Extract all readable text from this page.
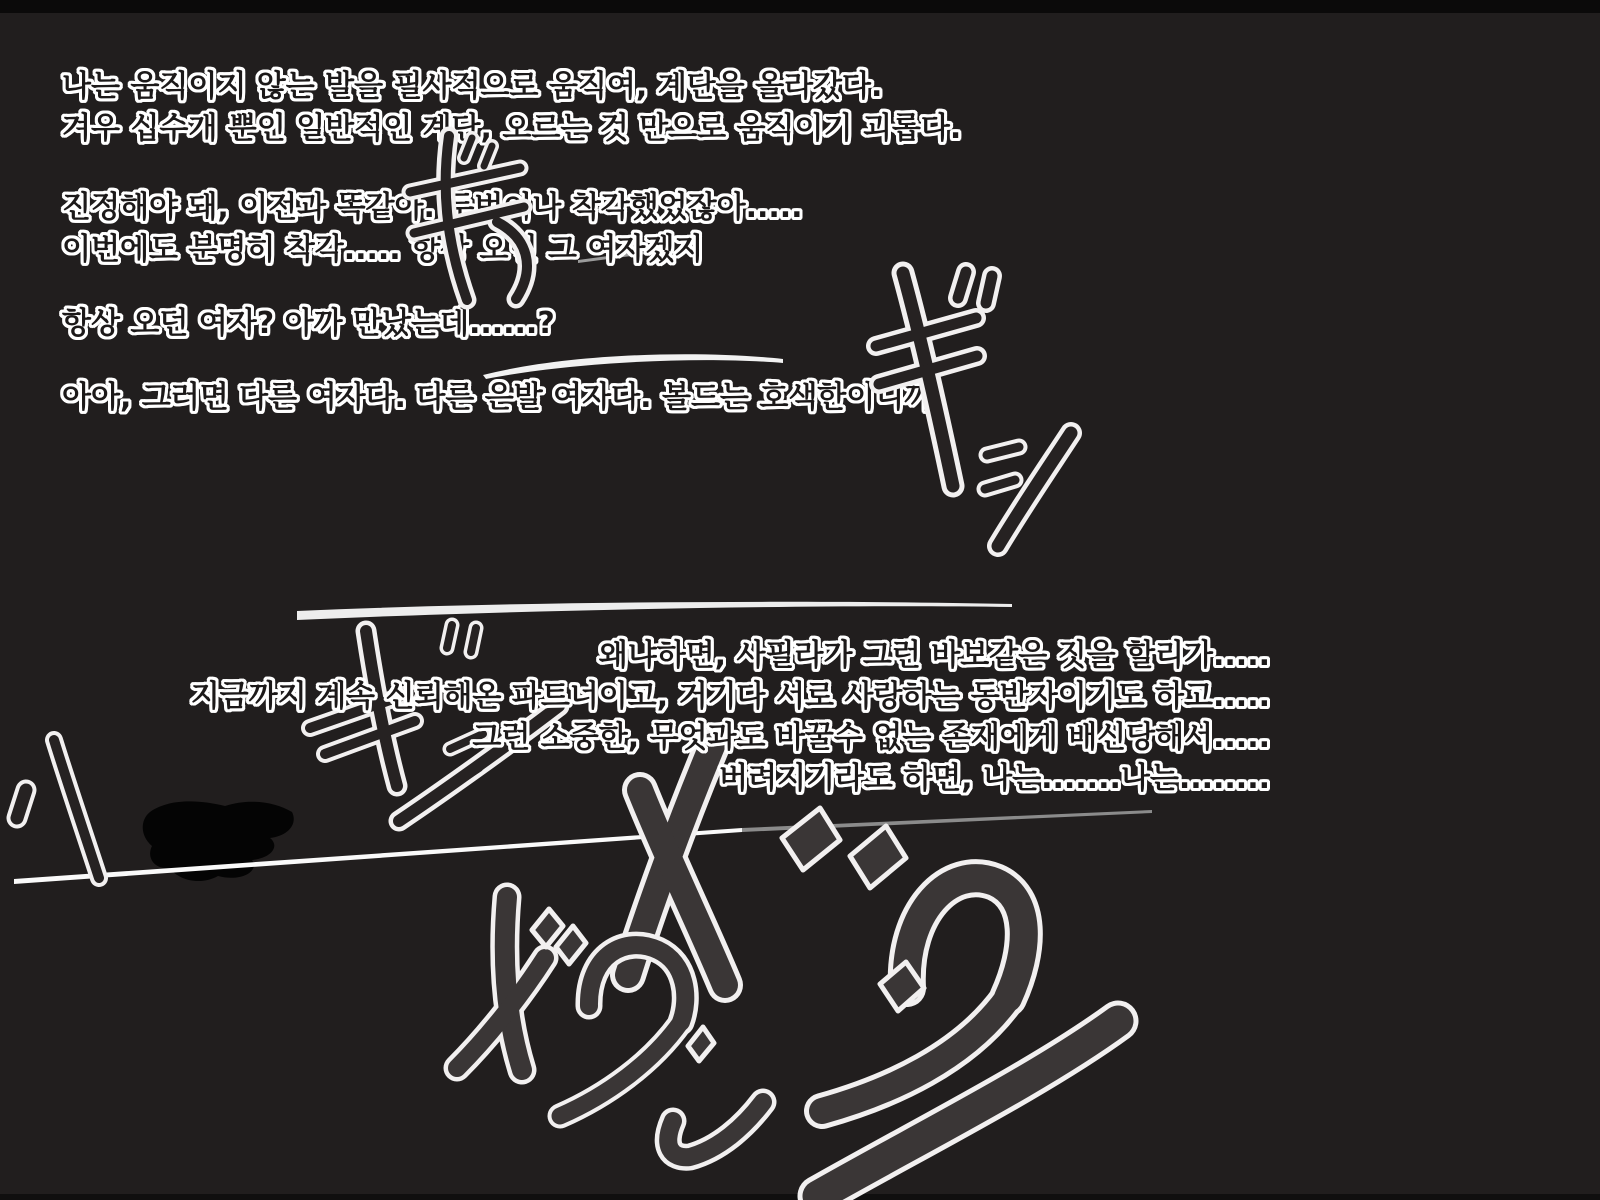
나는 움직이지 않는 발을 필사적으로 움직여, 계단을 올라갔다.
겨우 십수개 뿐인 일반적인 계단, 오르는 것 만으로 움직이기 괴롭다.
진정해야 돼, 이전과 똑같아. 두번이나 착각했었잖아.....
이번에도 분명히 착각..... 항상 오던 그 여자겠지
항상 오던 여자? 아까 만났는데......?
아아, 그러면 다른 여자다. 다른 은발 여자다. 볼드는 호색한이니까.
왜냐하면, 사필라가 그런 바보같은 짓을 할리가.....
지금까지 계속 신뢰해온 파트너이고, 거기다 서로 사랑하는 동반자이기도 하고.....
그런 소중한, 무엇과도 바꿀수 없는 존재에게 배신당해서.....
버려지기라도 하면, 나는.......나는........
